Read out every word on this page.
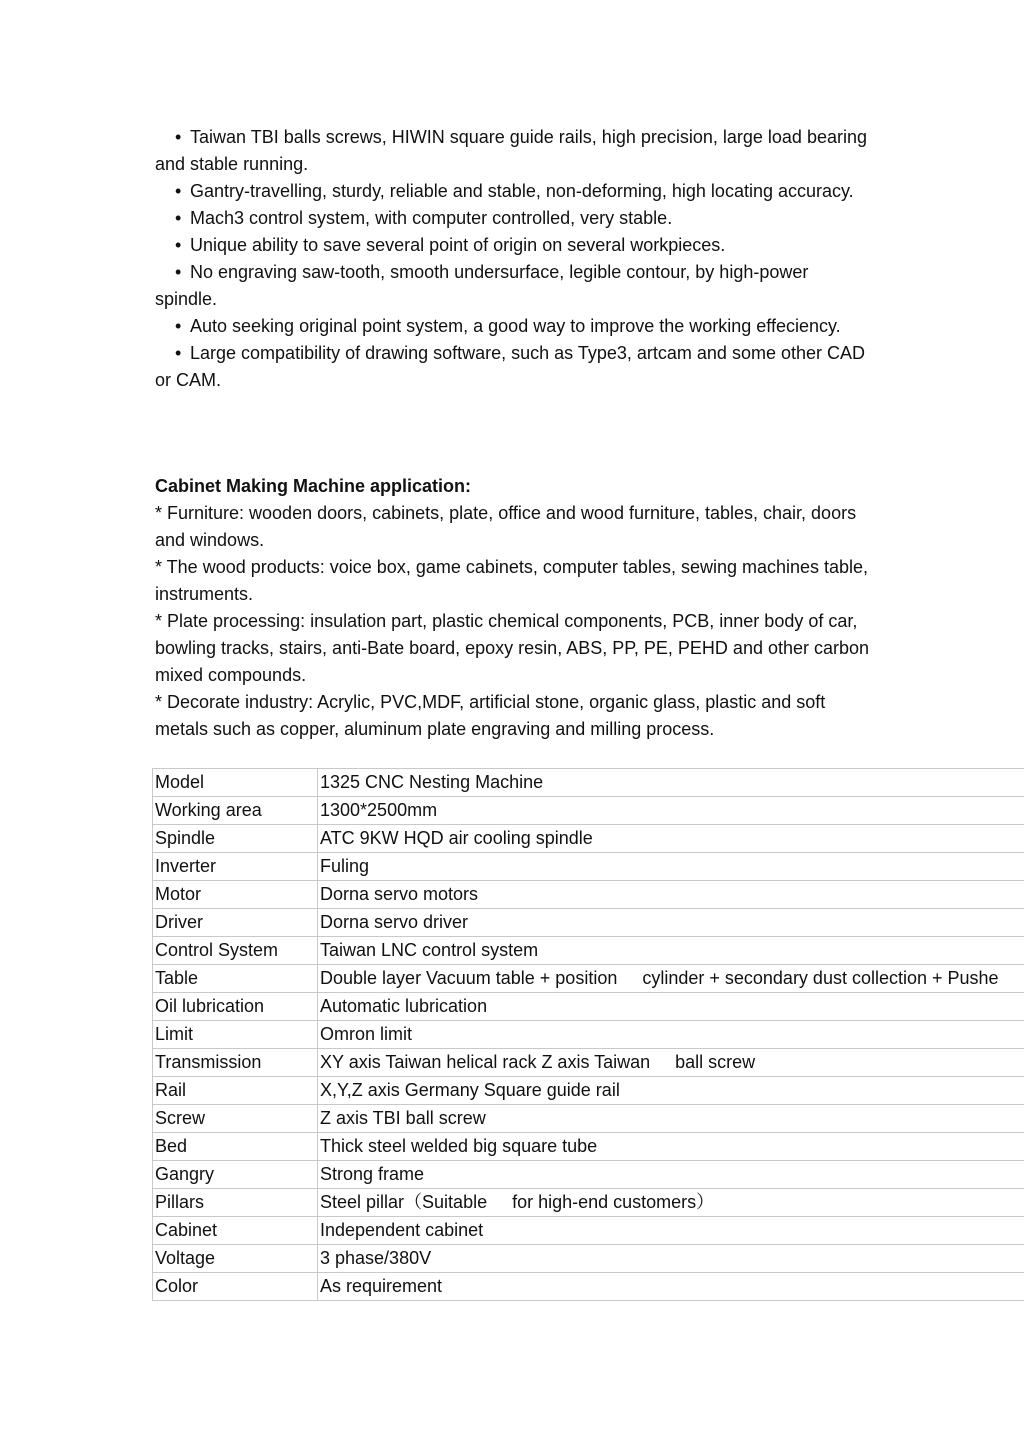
• Taiwan TBI balls screws, HIWIN square guide rails, high precision, large load bearing and stable running.
• Gantry-travelling, sturdy, reliable and stable, non-deforming, high locating accuracy.
• Mach3 control system, with computer controlled, very stable.
• Unique ability to save several point of origin on several workpieces.
• No engraving saw-tooth, smooth undersurface, legible contour, by high-power spindle.
• Auto seeking original point system, a good way to improve the working effeciency.
• Large compatibility of drawing software, such as Type3, artcam and some other CAD or CAM.

Cabinet Making Machine application:

* Furniture: wooden doors, cabinets, plate, office and wood furniture, tables, chair, doors and windows.

* The wood products: voice box, game cabinets, computer tables, sewing machines table, instruments.

* Plate processing: insulation part, plastic chemical components, PCB, inner body of car, bowling tracks, stairs, anti-Bate board, epoxy resin, ABS, PP, PE, PEHD and other carbon mixed compounds.

* Decorate industry: Acrylic, PVC,MDF, artificial stone, organic glass, plastic and soft metals such as copper, aluminum plate engraving and milling process.

Model	1325 CNC Nesting Machine
Working area	1300*2500mm
Spindle	ATC 9KW HQD air cooling spindle
Inverter	Fuling
Motor	Dorna servo motors
Driver	Dorna servo driver
Control System	Taiwan LNC control system
Table	Double layer Vacuum table + position     cylinder + secondary dust collection + Pushe
Oil lubrication	Automatic lubrication
Limit	Omron limit
Transmission	XY axis Taiwan helical rack Z axis Taiwan     ball screw
Rail	X,Y,Z axis Germany Square guide rail
Screw	Z axis TBI ball screw
Bed	Thick steel welded big square tube
Gangry	Strong frame
Pillars	Steel pillar（Suitable     for high-end customers）
Cabinet	Independent cabinet
Voltage	3 phase/380V
Color	As requirement
